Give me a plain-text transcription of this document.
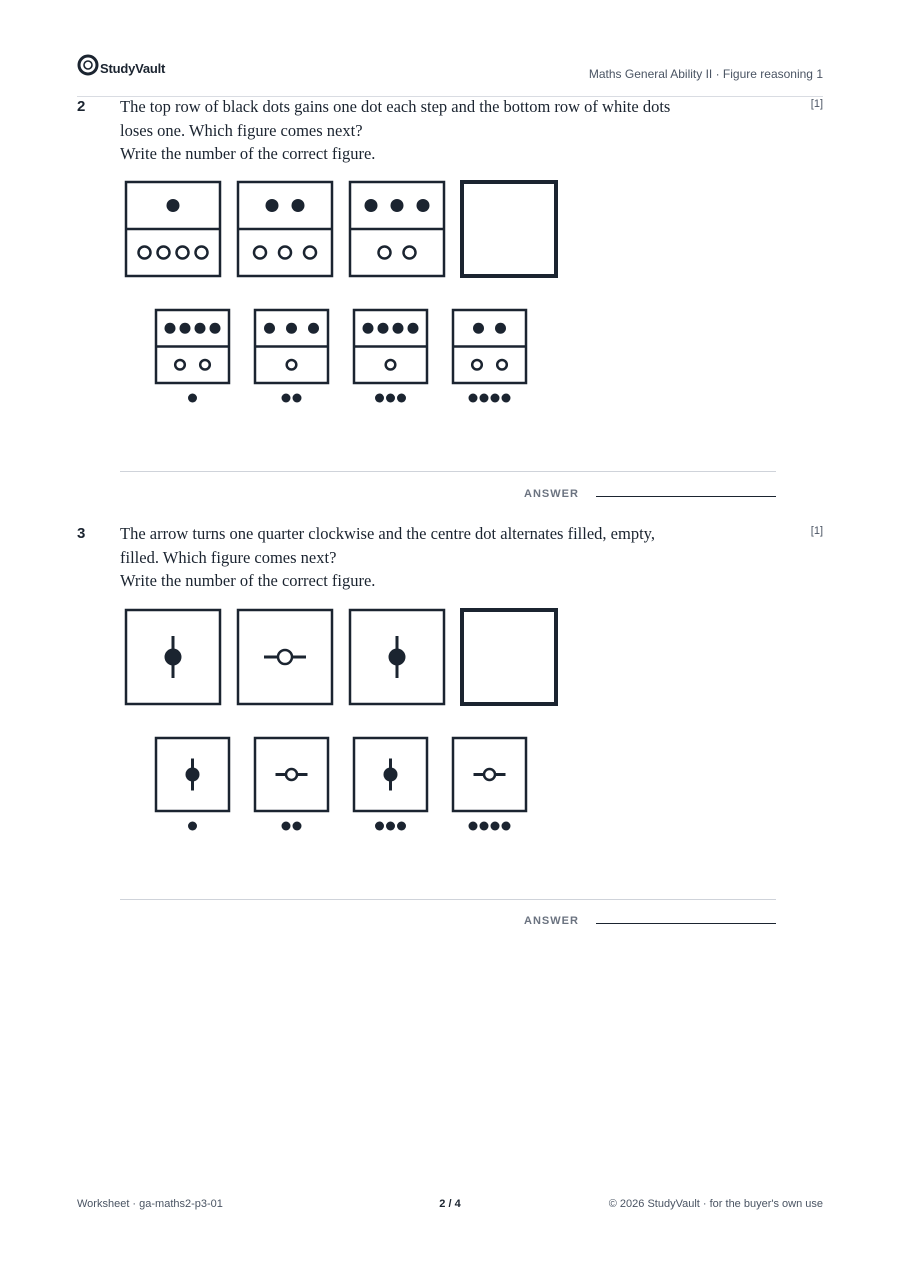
StudyVault	Maths General Ability II · Figure reasoning 1
2	[1]

The top row of black dots gains one dot each step and the bottom row of white dots

loses one. Which figure comes next?

Write the number of the correct figure.

ANSWER
3	[1]

The arrow turns one quarter clockwise and the centre dot alternates filled, empty,

filled. Which figure comes next?

Write the number of the correct figure.

ANSWER
Worksheet · ga-maths2-p3-01	2 / 4	© 2026 StudyVault · for the buyer's own use
